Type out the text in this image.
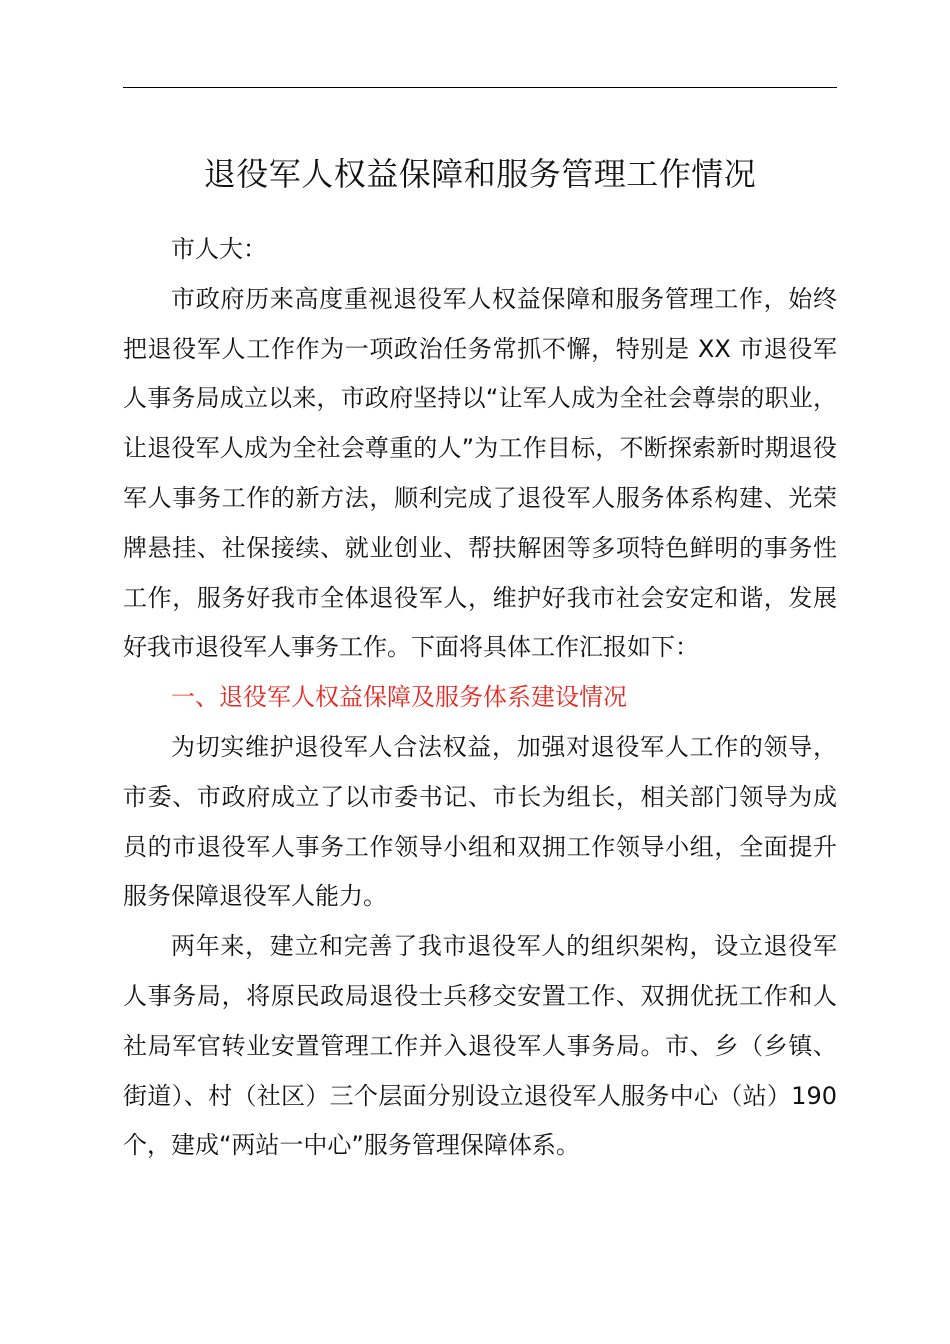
退役军人权益保障和服务管理工作情况

市人大：

市政府历来高度重视退役军人权益保障和服务管理工作，始终把退役军人工作作为一项政治任务常抓不懈，特别是 XX 市退役军人事务局成立以来，市政府坚持以“让军人成为全社会尊崇的职业，让退役军人成为全社会尊重的人”为工作目标，不断探索新时期退役军人事务工作的新方法，顺利完成了退役军人服务体系构建、光荣牌悬挂、社保接续、就业创业、帮扶解困等多项特色鲜明的事务性工作，服务好我市全体退役军人，维护好我市社会安定和谐，发展好我市退役军人事务工作。下面将具体工作汇报如下：

一、退役军人权益保障及服务体系建设情况

为切实维护退役军人合法权益，加强对退役军人工作的领导，市委、市政府成立了以市委书记、市长为组长，相关部门领导为成员的市退役军人事务工作领导小组和双拥工作领导小组，全面提升服务保障退役军人能力。

两年来，建立和完善了我市退役军人的组织架构，设立退役军人事务局，将原民政局退役士兵移交安置工作、双拥优抚工作和人社局军官转业安置管理工作并入退役军人事务局。市、乡（乡镇、街道）、村（社区）三个层面分别设立退役军人服务中心（站）190 个，建成“两站一中心”服务管理保障体系。
